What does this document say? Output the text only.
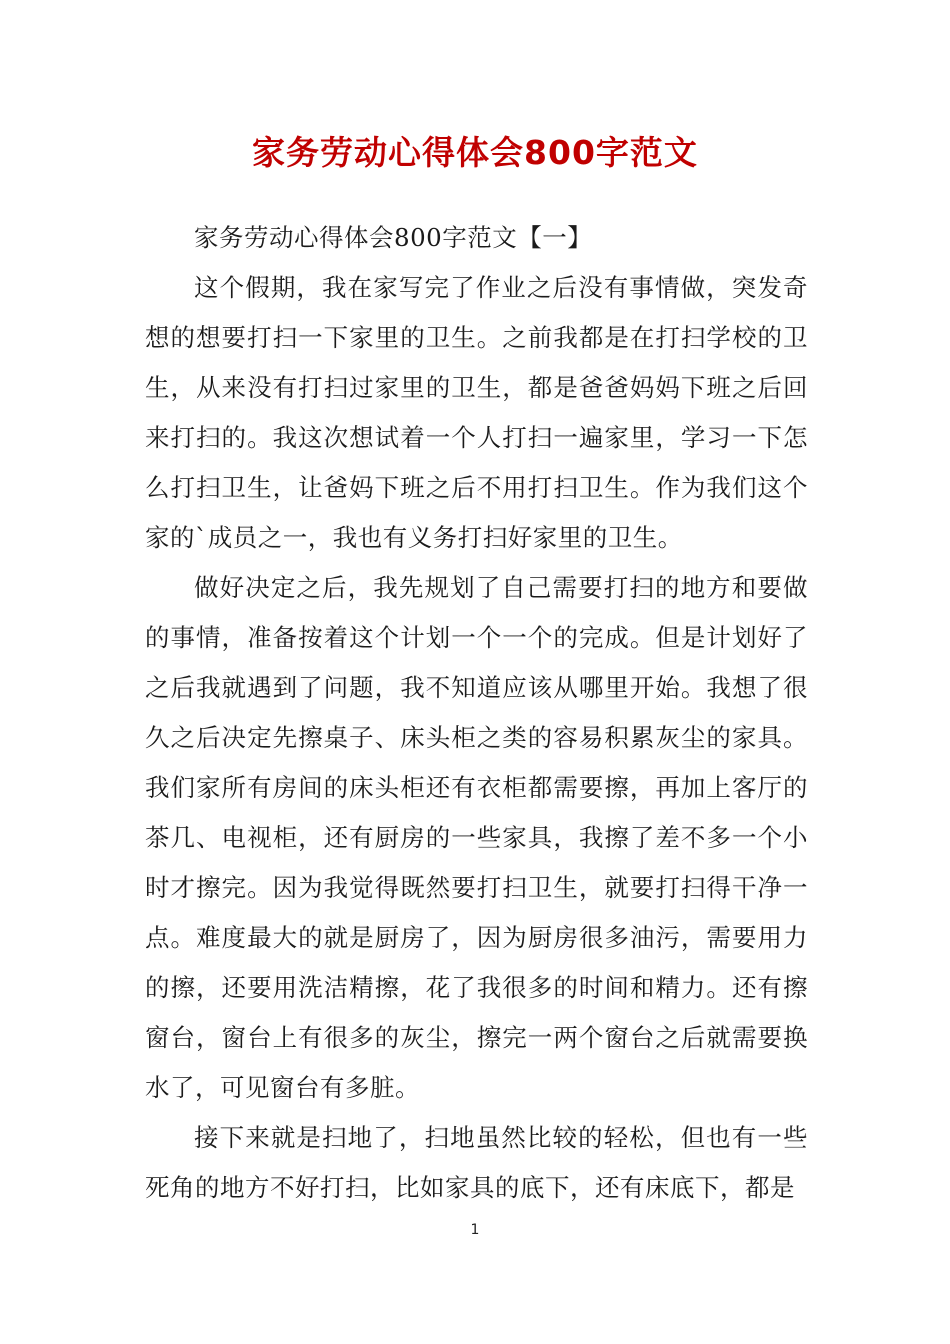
家务劳动心得体会800字范文

家务劳动心得体会800字范文【一】

这个假期，我在家写完了作业之后没有事情做，突发奇想的想要打扫一下家里的卫生。之前我都是在打扫学校的卫生，从来没有打扫过家里的卫生，都是爸爸妈妈下班之后回来打扫的。我这次想试着一个人打扫一遍家里，学习一下怎么打扫卫生，让爸妈下班之后不用打扫卫生。作为我们这个家的`成员之一，我也有义务打扫好家里的卫生。

做好决定之后，我先规划了自己需要打扫的地方和要做的事情，准备按着这个计划一个一个的完成。但是计划好了之后我就遇到了问题，我不知道应该从哪里开始。我想了很久之后决定先擦桌子、床头柜之类的容易积累灰尘的家具。我们家所有房间的床头柜还有衣柜都需要擦，再加上客厅的茶几、电视柜，还有厨房的一些家具，我擦了差不多一个小时才擦完。因为我觉得既然要打扫卫生，就要打扫得干净一点。难度最大的就是厨房了，因为厨房很多油污，需要用力的擦，还要用洗洁精擦，花了我很多的时间和精力。还有擦窗台，窗台上有很多的灰尘，擦完一两个窗台之后就需要换水了，可见窗台有多脏。

接下来就是扫地了，扫地虽然比较的轻松，但也有一些死角的地方不好打扫，比如家具的底下，还有床底下，都是

1
